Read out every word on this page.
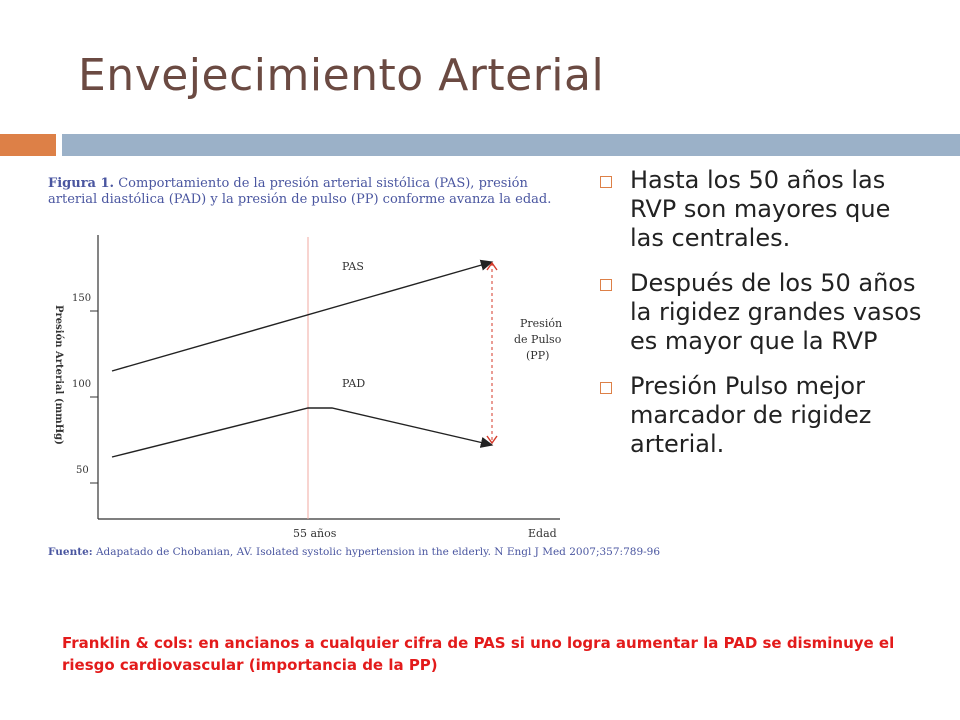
Envejecimiento Arterial
Figura 1. Comportamiento de la presión arterial sistólica (PAS), presión arterial diastólica (PAD) y la presión de pulso (PP) conforme avanza la edad.
150
100
50
Presión Arterial (mmHg)
55 años	Edad
PAS
PAD
Presión
de Pulso
(PP)
Fuente: Adapatado de Chobanian, AV. Isolated systolic hypertension in the elderly. N Engl J Med 2007;357:789-96
Hasta los 50 años las RVP son mayores que las centrales.
Después de los 50 años la rigidez grandes vasos es mayor que la RVP
Presión Pulso mejor marcador de rigidez arterial.
Franklin & cols: en ancianos a cualquier cifra de PAS si uno logra aumentar la PAD se disminuye el riesgo cardiovascular (importancia de la PP)
